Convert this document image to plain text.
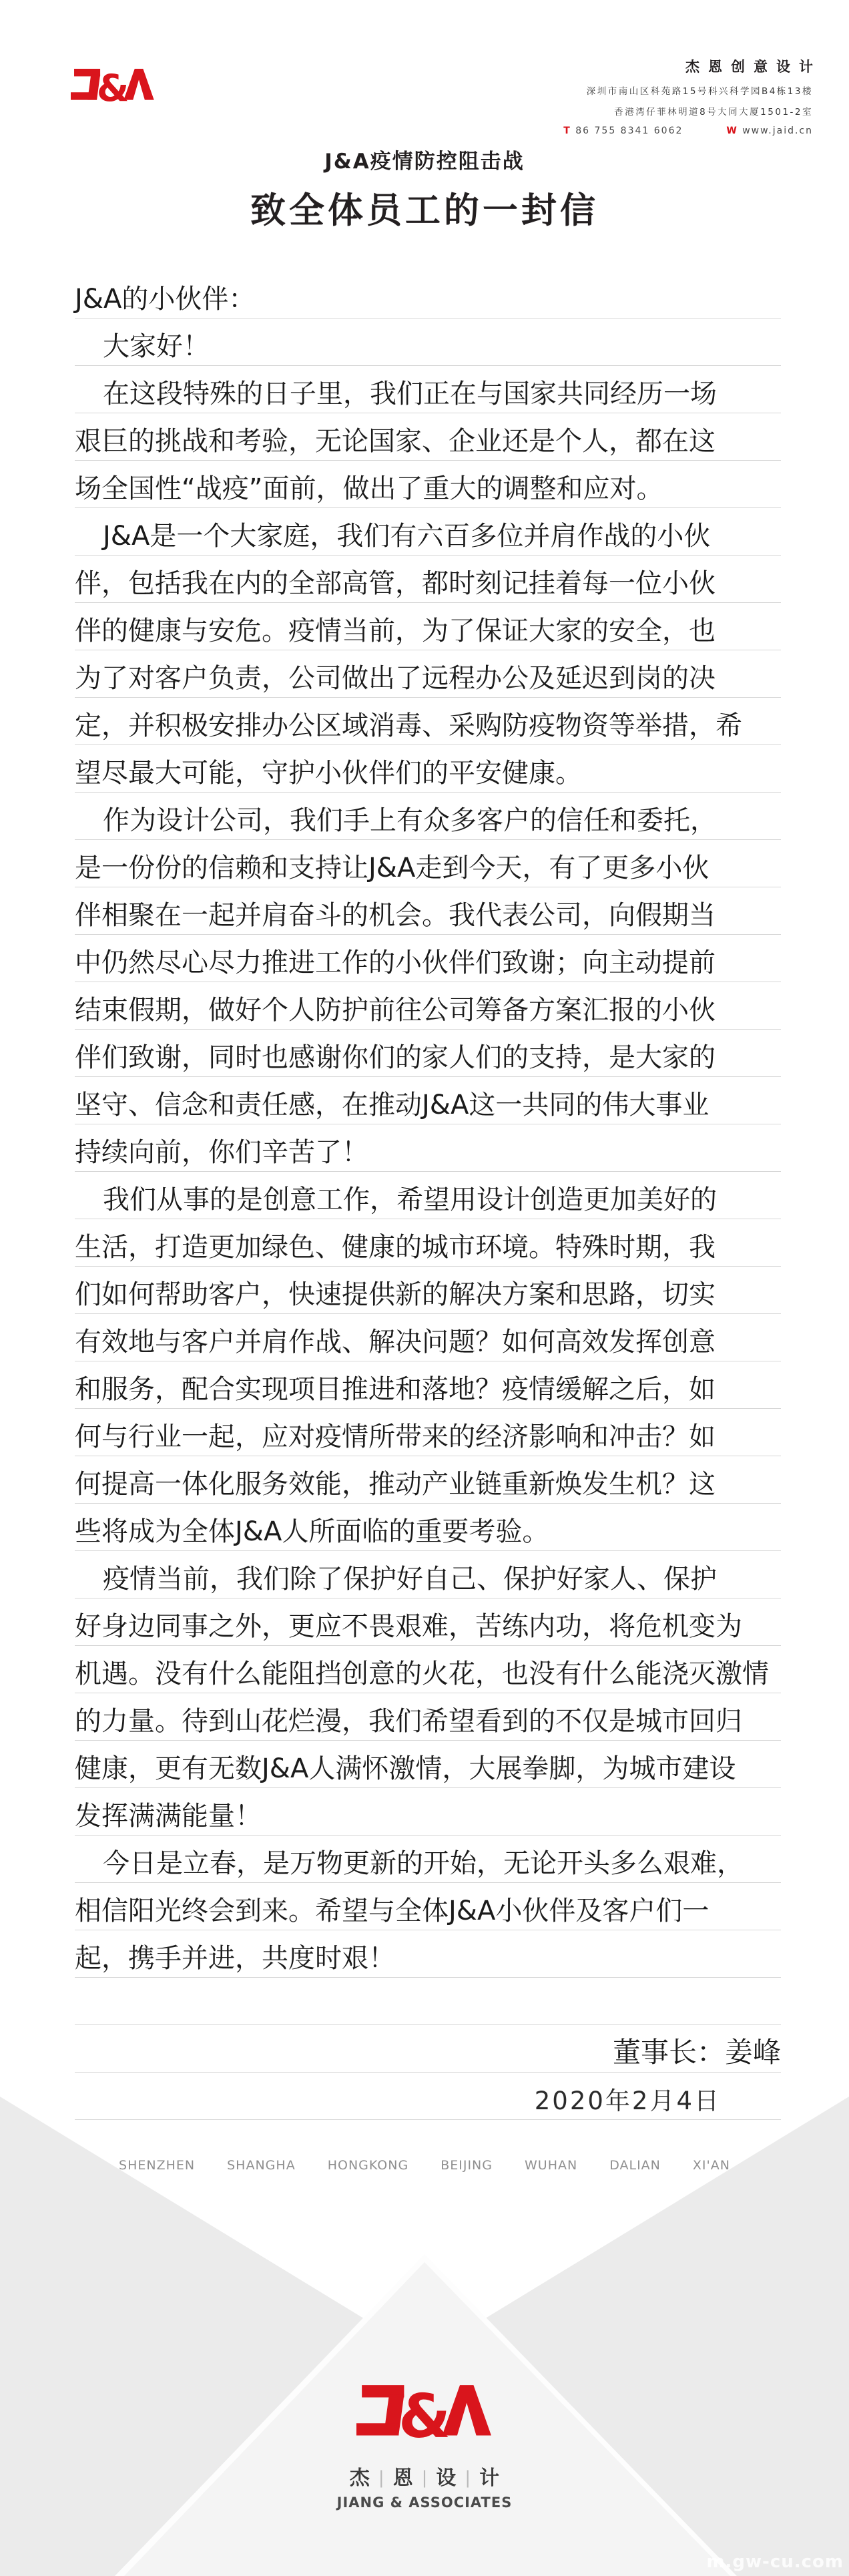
&
杰恩创意设计
深圳市南山区科苑路15号科兴科学园B4栋13楼
香港湾仔菲林明道8号大同大厦1501-2室
T 86 755 8341 6062	W www.jaid.cn
J&A疫情防控阻击战
致全体员工的一封信
J&A的小伙伴：
大家好！
在这段特殊的日子里，我们正在与国家共同经历一场
艰巨的挑战和考验，无论国家、企业还是个人，都在这
场全国性“战疫”面前，做出了重大的调整和应对。
J&A是一个大家庭，我们有六百多位并肩作战的小伙
伴，包括我在内的全部高管，都时刻记挂着每一位小伙
伴的健康与安危。疫情当前，为了保证大家的安全，也
为了对客户负责，公司做出了远程办公及延迟到岗的决
定，并积极安排办公区域消毒、采购防疫物资等举措，希
望尽最大可能，守护小伙伴们的平安健康。
作为设计公司，我们手上有众多客户的信任和委托，
是一份份的信赖和支持让J&A走到今天，有了更多小伙
伴相聚在一起并肩奋斗的机会。我代表公司，向假期当
中仍然尽心尽力推进工作的小伙伴们致谢；向主动提前
结束假期，做好个人防护前往公司筹备方案汇报的小伙
伴们致谢，同时也感谢你们的家人们的支持，是大家的
坚守、信念和责任感，在推动J&A这一共同的伟大事业
持续向前，你们辛苦了！
我们从事的是创意工作，希望用设计创造更加美好的
生活，打造更加绿色、健康的城市环境。特殊时期，我
们如何帮助客户，快速提供新的解决方案和思路，切实
有效地与客户并肩作战、解决问题？如何高效发挥创意
和服务，配合实现项目推进和落地？疫情缓解之后，如
何与行业一起，应对疫情所带来的经济影响和冲击？如
何提高一体化服务效能，推动产业链重新焕发生机？这
些将成为全体J&A人所面临的重要考验。
疫情当前，我们除了保护好自己、保护好家人、保护
好身边同事之外，更应不畏艰难，苦练内功，将危机变为
机遇。没有什么能阻挡创意的火花，也没有什么能浇灭激情
的力量。待到山花烂漫，我们希望看到的不仅是城市回归
健康，更有无数J&A人满怀激情，大展拳脚，为城市建设
发挥满满能量！
今日是立春，是万物更新的开始，无论开头多么艰难，
相信阳光终会到来。希望与全体J&A小伙伴及客户们一
起，携手并进，共度时艰！
董事长：姜峰
2020年2月4日
SHENZHEN	SHANGHA	HONGKONG	BEIJING	WUHAN	DALIAN	XI'AN
&
杰 | 恩 | 设 | 计
JIANG & ASSOCIATES
m.gw-cu.com
